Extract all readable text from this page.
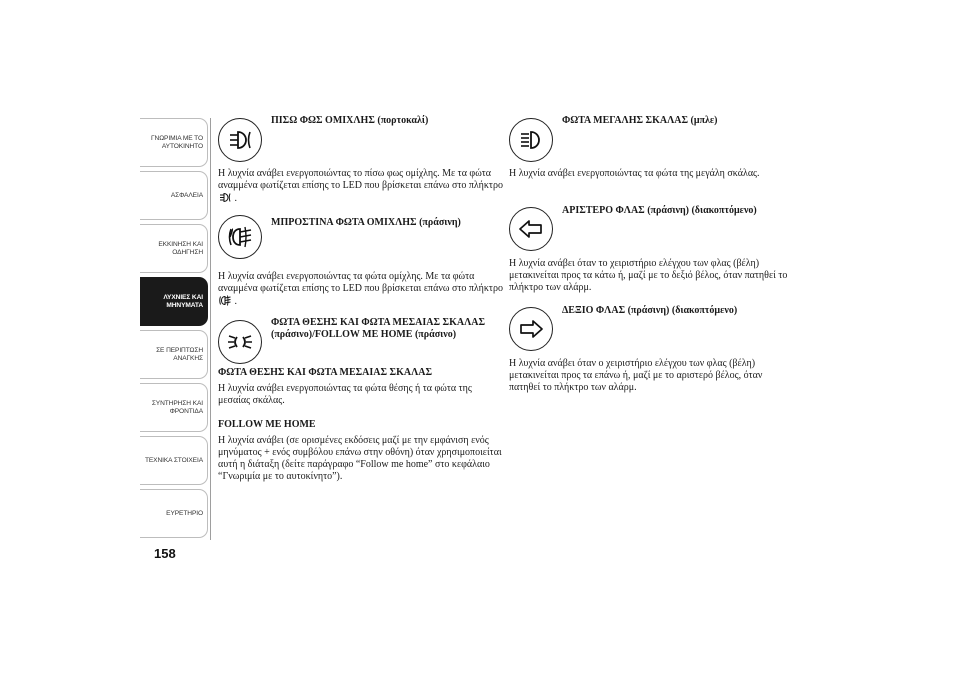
ΓΝΩΡΙΜΙΑ ΜΕ ΤΟ ΑΥΤΟΚΙΝΗΤΟ
ΑΣΦΑΛΕΙΑ
ΕΚΚΙΝΗΣΗ ΚΑΙ ΟΔΗΓΗΣΗ
ΛΥΧΝΙΕΣ ΚΑΙ ΜΗΝΥΜΑΤΑ
ΣΕ ΠΕΡΙΠΤΩΣΗ ΑΝΑΓΚΗΣ
ΣΥΝΤΗΡΗΣΗ ΚΑΙ ΦΡΟΝΤΙΔΑ
ΤΕΧΝΙΚΑ ΣΤΟΙΧΕΙΑ
ΕΥΡΕΤΗΡΙΟ
158
ΠΙΣΩ ΦΩΣ ΟΜΙΧΛΗΣ (πορτοκαλί)

Η λυχνία ανάβει ενεργοποιώντας το πίσω φως ομίχλης. Με τα φώτα αναμμένα φωτίζεται επίσης το LED που βρίσκεται επάνω στο πλήκτρο  .

ΜΠΡΟΣΤΙΝΑ ΦΩΤΑ ΟΜΙΧΛΗΣ (πράσινη)

Η λυχνία ανάβει ενεργοποιώντας τα φώτα ομίχλης. Με τα φώτα αναμμένα φωτίζεται επίσης το LED που βρίσκεται επάνω στο πλήκτρο  .

ΦΩΤΑ ΘΕΣΗΣ ΚΑΙ ΦΩΤΑ ΜΕΣΑΙΑΣ ΣΚΑΛΑΣ (πράσινο)/FOLLOW ME HOME (πράσινο)

ΦΩΤΑ ΘΕΣΗΣ ΚΑΙ ΦΩΤΑ ΜΕΣΑΙΑΣ ΣΚΑΛΑΣ

Η λυχνία ανάβει ενεργοποιώντας τα φώτα θέσης ή τα φώτα της μεσαίας σκάλας.

FOLLOW ME HOME

Η λυχνία ανάβει (σε ορισμένες εκδόσεις μαζί με την εμφάνιση ενός μηνύματος + ενός συμβόλου επάνω στην οθόνη) όταν χρησιμοποιείται αυτή η διάταξη (δείτε παράγραφο “Follow me home” στο κεφάλαιο “Γνωριμία με το αυτοκίνητο”).

ΦΩΤΑ ΜΕΓΑΛΗΣ ΣΚΑΛΑΣ (μπλε)

Η λυχνία ανάβει ενεργοποιώντας τα φώτα της μεγάλη σκάλας.

ΑΡΙΣΤΕΡΟ ΦΛΑΣ (πράσινη) (διακοπτόμενο)

Η λυχνία ανάβει όταν το χειριστήριο ελέγχου των φλας (βέλη) μετακινείται προς τα κάτω ή, μαζί με το δεξιό βέλος, όταν πατηθεί το πλήκτρο των αλάρμ.

ΔΕΞΙΟ ΦΛΑΣ (πράσινη) (διακοπτόμενο)

Η λυχνία ανάβει όταν ο χειριστήριο ελέγχου των φλας (βέλη) μετακινείται προς τα επάνω ή, μαζί με το αριστερό βέλος, όταν πατηθεί το πλήκτρο των αλάρμ.
